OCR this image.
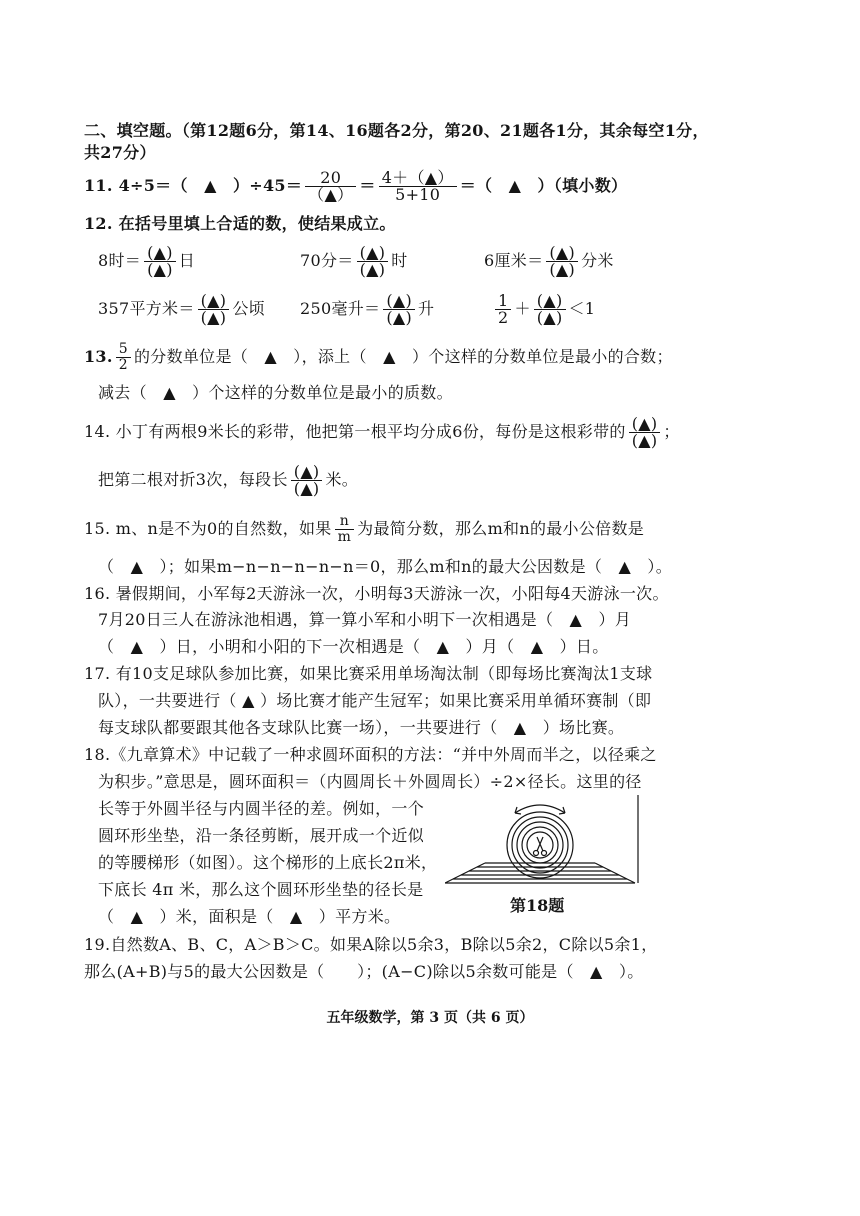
二、填空题。（第12题6分，第14、16题各2分，第20、21题各1分，其余每空1分，
共27分）
11. 4÷5＝（　▲　）$\div 45= \frac{20}{(▲)} = \frac{4+(▲)}{5+10}$ ＝（　▲　）（填小数）
12. 在括号里填上合适的数，使结果成立。
8时＝ $\frac{(▲)}{(▲)}$ 日	70分＝ $\frac{(▲)}{(▲)}$ 时	6厘米＝ $\frac{(▲)}{(▲)}$ 分米
357平方米＝ $\frac{(▲)}{(▲)}$ 公顷 250毫升＝ $\frac{(▲)}{(▲)}$ 升	$\frac{1}{2} + \frac{(▲)}{(▲)} <1$
13. $\frac{5}{2}$ 的分数单位是（　▲　），添上（　▲　）个这样的分数单位是最小的合数；
减去（　▲　）个这样的分数单位是最小的质数。
14. 小丁有两根9米长的彩带，他把第一根平均分成6份，每份是这根彩带的 $\frac{(▲)}{(▲)}$ ；
把第二根对折3次，每段长 $\frac{(▲)}{(▲)}$ 米。
15. m、n是不为0的自然数，如果 $\frac{n}{m}$ 为最简分数，那么m和n的最小公倍数是
（　▲　）；如果m−n−n−n−n−n＝0，那么m和n的最大公因数是（　▲　）。
16. 暑假期间，小军每2天游泳一次，小明每3天游泳一次，小阳每4天游泳一次。
7月20日三人在游泳池相遇，算一算小军和小明下一次相遇是（　▲　）月
（　▲　）日，小明和小阳的下一次相遇是（　▲　）月（　▲　）日。
17. 有10支足球队参加比赛，如果比赛采用单场淘汰制（即每场比赛淘汰1支球
队），一共要进行（ ▲ ）场比赛才能产生冠军；如果比赛采用单循环赛制（即
每支球队都要跟其他各支球队比赛一场），一共要进行（　▲　）场比赛。
18.《九章算术》中记载了一种求圆环面积的方法：“并中外周而半之，以径乘之
为积步。”意思是，圆环面积＝（内圆周长＋外圆周长）÷2×径长。这里的径
长等于外圆半径与内圆半径的差。例如，一个
圆环形坐垫，沿一条径剪断，展开成一个近似
的等腰梯形（如图）。这个梯形的上底长2π米，
下底长 4π 米，那么这个圆环形坐垫的径长是
（　▲　）米，面积是（　▲　）平方米。
第18题
19.自然数A、B、C，A＞B＞C。如果A除以5余3，B除以5余2，C除以5余1，
那么(A+B)与5的最大公因数是（　　）；(A−C)除以5余数可能是（　▲　）。
五年级数学，第 3 页（共 6 页）
